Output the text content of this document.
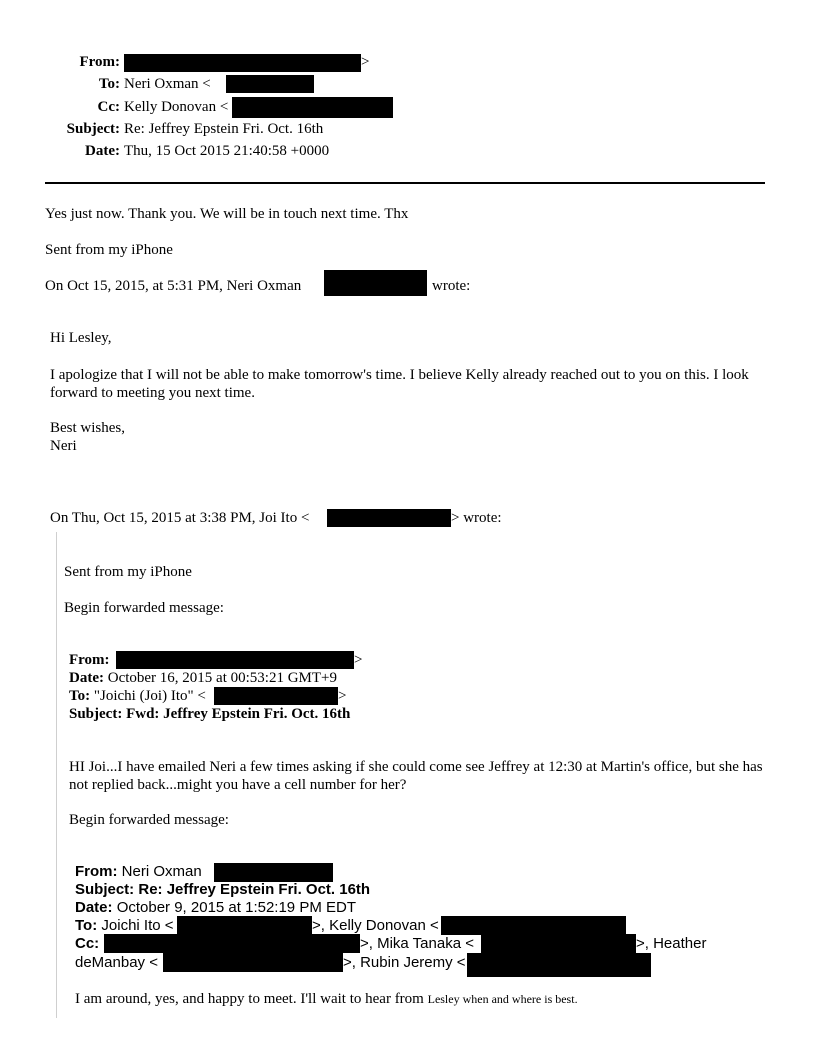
From:	>
To: Neri Oxman <
Cc: Kelly Donovan <
Subject: Re: Jeffrey Epstein Fri. Oct. 16th
Date: Thu, 15 Oct 2015 21:40:58 +0000
Yes just now. Thank you. We will be in touch next time. Thx
Sent from my iPhone
On Oct 15, 2015, at 5:31 PM, Neri Oxman	wrote:
Hi Lesley,
I apologize that I will not be able to make tomorrow's time. I believe Kelly already reached out to you on this. I look forward to meeting you next time.
Best wishes,
Neri
On Thu, Oct 15, 2015 at 3:38 PM, Joi Ito <	> wrote:
Sent from my iPhone
Begin forwarded message:
From:	>
Date: October 16, 2015 at 00:53:21 GMT+9
To: "Joichi (Joi) Ito" <	>
Subject: Fwd: Jeffrey Epstein Fri. Oct. 16th
HI Joi...I have emailed Neri a few times asking if she could come see Jeffrey at 12:30 at Martin's office, but she has not replied back...might you have a cell number for her?
Begin forwarded message:
From: Neri Oxman
Subject: Re: Jeffrey Epstein Fri. Oct. 16th
Date: October 9, 2015 at 1:52:19 PM EDT
To: Joichi Ito <	>, Kelly Donovan <
Cc:	>, Mika Tanaka <	>, Heather
deManbay <	>, Rubin Jeremy <
I am around, yes, and happy to meet. I'll wait to hear from Lesley when and where is best.
